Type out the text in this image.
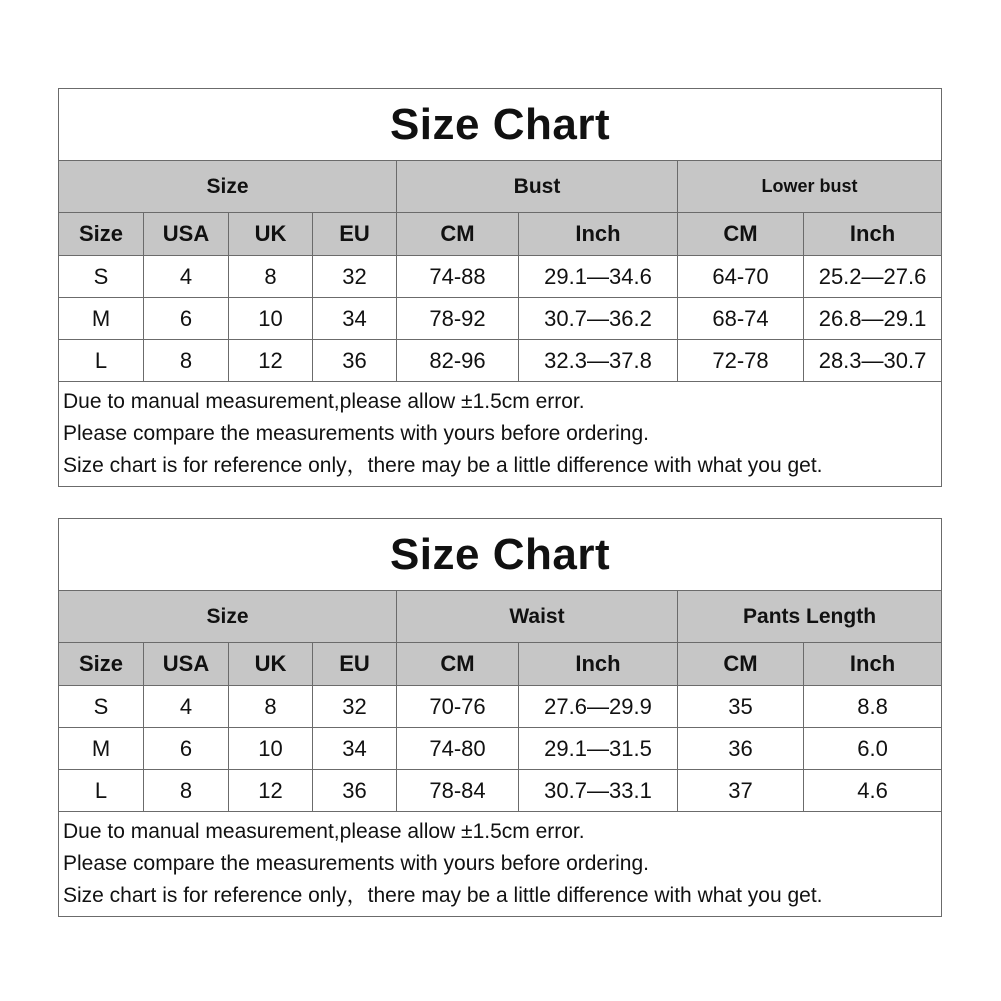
Size Chart							
Size				Bust		Lower bust	
Size	USA	UK	EU	CM	Inch	CM	Inch
S	4	8	32	74-88	29.1—34.6	64-70	25.2—27.6
M	6	10	34	78-92	30.7—36.2	68-74	26.8—29.1
L	8	12	36	82-96	32.3—37.8	72-78	28.3—30.7

Due to manual measurement,please allow ±1.5cm error.
Please compare the measurements with yours before ordering.
Size chart is for reference only，there may be a little difference with what you get.							
Size Chart							
Size				Waist		Pants Length	
Size	USA	UK	EU	CM	Inch	CM	Inch
S	4	8	32	70-76	27.6—29.9	35	8.8
M	6	10	34	74-80	29.1—31.5	36	6.0
L	8	12	36	78-84	30.7—33.1	37	4.6

Due to manual measurement,please allow ±1.5cm error.
Please compare the measurements with yours before ordering.
Size chart is for reference only，there may be a little difference with what you get.							
